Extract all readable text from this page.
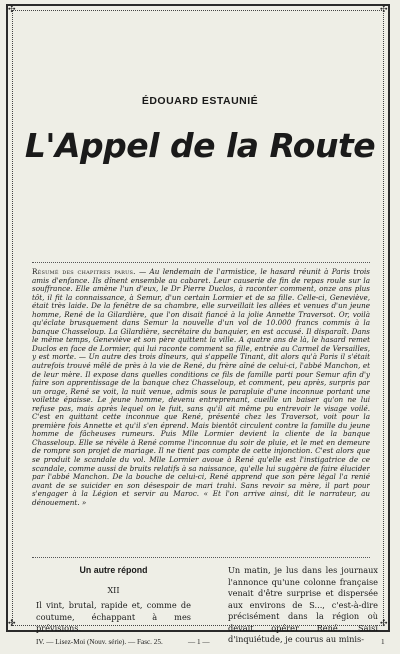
✣	✣
✣	✣
ÉDOUARD ESTAUNIÉ
L'Appel de la Route
Résumé des chapitres parus. — Au lendemain de l'armistice, le hasard réunit à Paris trois amis d'enfance. Ils dînent ensemble au cabaret. Leur causerie de fin de repas roule sur la souffrance. Elle amène l'un d'eux, le Dr Pierre Duclos, à raconter comment, onze ans plus tôt, il fit la connaissance, à Semur, d'un certain Lormier et de sa fille. Celle-ci, Geneviève, était très laide. De la fenêtre de sa chambre, elle surveillait les allées et venues d'un jeune homme, René de la Gilardière, que l'on disait fiancé à la jolie Annette Traversot. Or, voilà qu'éclate brusquement dans Semur la nouvelle d'un vol de 10.000 francs commis à la banque Chasseloup. La Gilardière, secrétaire du banquier, en est accusé. Il disparaît. Dans le même temps, Geneviève et son père quittent la ville. A quatre ans de là, le hasard remet Duclos en face de Lormier, qui lui raconte comment sa fille, entrée au Carmel de Versailles, y est morte. — Un autre des trois dîneurs, qui s'appelle Tinant, dit alors qu'à Paris il s'était autrefois trouvé mêlé de près à la vie de René, du frère aîné de celui-ci, l'abbé Manchon, et de leur mère. Il expose dans quelles conditions ce fils de famille parti pour Semur afin d'y faire son apprentissage de la banque chez Chasseloup, et comment, peu après, surpris par un orage, René se voit, la nuit venue, admis sous le parapluie d'une inconnue portant une voilette épaisse. Le jeune homme, devenu entreprenant, cueille un baiser qu'on ne lui refuse pas, mais après lequel on le fuit, sans qu'il ait même pu entrevoir le visage voilé. C'est en quittant cette inconnue que René, présenté chez les Traversot, voit pour la première fois Annette et qu'il s'en éprend. Mais bientôt circulent contre la famille du jeune homme de fâcheuses rumeurs. Puis Mlle Lormier devient la cliente de la banque Chasseloup. Elle se révèle à René comme l'inconnue du soir de pluie, et le met en demeure de rompre son projet de mariage. Il ne tient pas compte de cette injonction. C'est alors que se produit le scandale du vol. Mlle Lormier avoue à René qu'elle est l'instigatrice de ce scandale, comme aussi de bruits relatifs à sa naissance, qu'elle lui suggère de faire élucider par l'abbé Manchon. De la bouche de celui-ci, René apprend que son père légal l'a renié avant de se suicider en son désespoir de mari trahi. Sans revoir sa mère, il part pour s'engager à la Légion et servir au Maroc. « Et l'on arrive ainsi, dit le narrateur, au dénouement. »
Un autre répond
XII
Il vint, brutal, rapide et, comme de coutume, échappant à mes prévisions.
Un matin, je lus dans les journaux l'annonce qu'une colonne française venait d'être surprise et dispersée aux environs de S..., c'est-à-dire précisément dans la région où devait opérer René. Saisi d'inquiétude, je courus au minis-
IV. — Lisez-Moi (Nouv. série). — Fasc. 25.	— 1 —	1
